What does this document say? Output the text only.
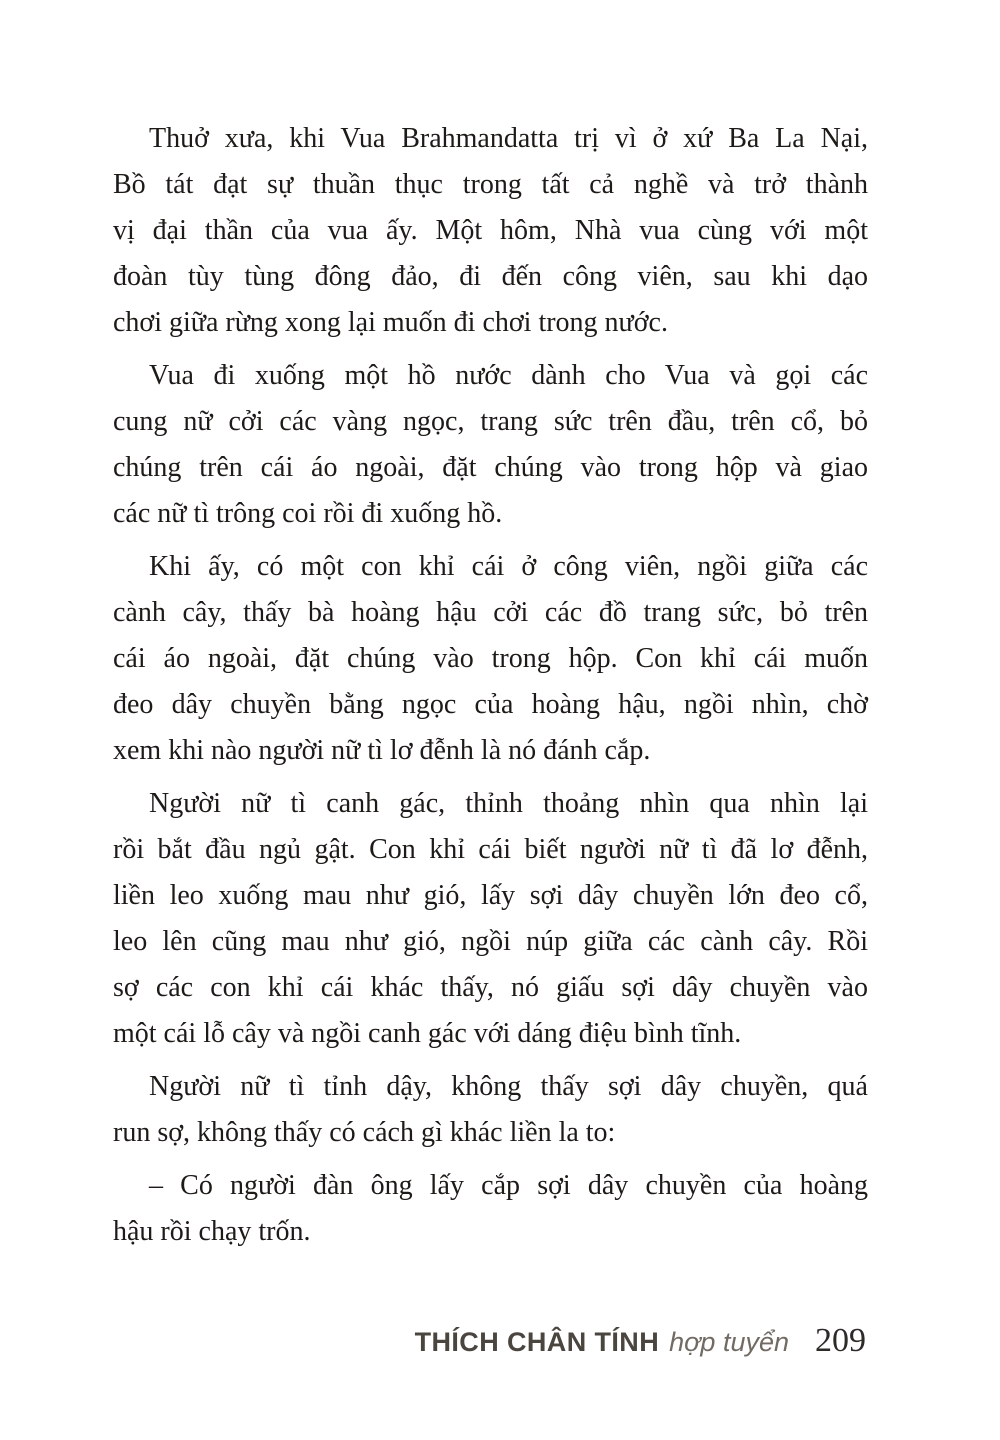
Thuở xưa, khi Vua Brahmandatta trị vì ở xứ Ba La Nại,
Bồ tát đạt sự thuần thục trong tất cả nghề và trở thành
vị đại thần của vua ấy. Một hôm, Nhà vua cùng với một
đoàn tùy tùng đông đảo, đi đến công viên, sau khi dạo
chơi giữa rừng xong lại muốn đi chơi trong nước.
Vua đi xuống một hồ nước dành cho Vua và gọi các
cung nữ cởi các vàng ngọc, trang sức trên đầu, trên cổ, bỏ
chúng trên cái áo ngoài, đặt chúng vào trong hộp và giao
các nữ tì trông coi rồi đi xuống hồ.
Khi ấy, có một con khỉ cái ở công viên, ngồi giữa các
cành cây, thấy bà hoàng hậu cởi các đồ trang sức, bỏ trên
cái áo ngoài, đặt chúng vào trong hộp. Con khỉ cái muốn
đeo dây chuyền bằng ngọc của hoàng hậu, ngồi nhìn, chờ
xem khi nào người nữ tì lơ đễnh là nó đánh cắp.
Người nữ tì canh gác, thỉnh thoảng nhìn qua nhìn lại
rồi bắt đầu ngủ gật. Con khỉ cái biết người nữ tì đã lơ đễnh,
liền leo xuống mau như gió, lấy sợi dây chuyền lớn đeo cổ,
leo lên cũng mau như gió, ngồi núp giữa các cành cây. Rồi
sợ các con khỉ cái khác thấy, nó giấu sợi dây chuyền vào
một cái lỗ cây và ngồi canh gác với dáng điệu bình tĩnh.
Người nữ tì tỉnh dậy, không thấy sợi dây chuyền, quá
run sợ, không thấy có cách gì khác liền la to:
– Có người đàn ông lấy cắp sợi dây chuyền của hoàng
hậu rồi chạy trốn.
THÍCH CHÂN TÍNH hợp tuyển 209
